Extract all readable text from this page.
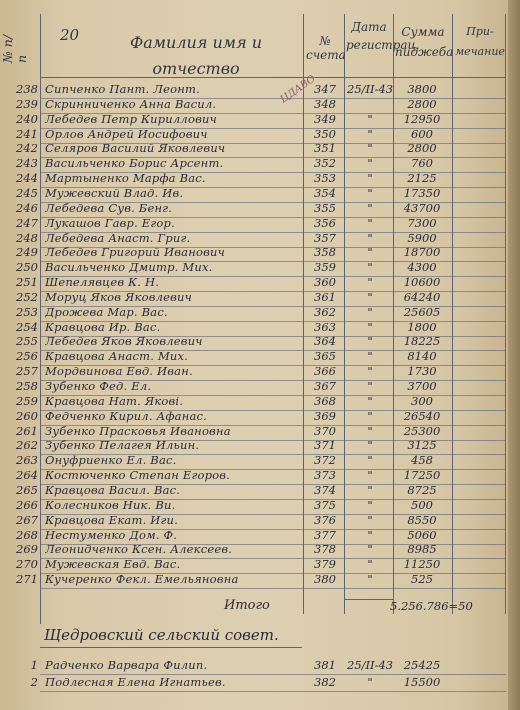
№ п/п
20	Фамилия имя и отчество
№ счета
Дата регистрац.
Сумма пиджеба
При-мечание
ЦДАВО
238 Сипченко Пант. Леонт.	347 25/II-43	3800
239 Скринниченко Анна Васил.	348	2800
240 Лебедев Петр Кириллович	349	"	12950
241 Орлов Андрей Иосифович	350	"	600
242 Селяров Василий Яковлевич	351	"	2800
243 Васильченко Борис Арсент.	352	"	760
244 Мартыненко Марфа Вас.	353	"	2125
245 Мужевский Влад. Ив.	354	"	17350
246 Лебедева Сув. Бенг.	355	"	43700
247 Лукашов Гавр. Егор.	356	"	7300
248 Лебедева Анаст. Григ.	357	"	5900
249 Лебедев Григорий Иванович	358	"	18700
250 Васильченко Дмитр. Мих.	359	"	4300
251 Шепелявцев К. Н.	360	"	10600
252 Моруц Яков Яковлевич	361	"	64240
253 Дрожева Мар. Вас.	362	"	25605
254 Кравцова Ир. Вас.	363	"	1800
255 Лебедев Яков Яковлевич	364	"	18225
256 Кравцова Анаст. Мих.	365	"	8140
257 Мордвинова Евд. Иван.	366	"	1730
258 Зубенко Фед. Ел.	367	"	3700
259 Кравцова Нат. Якові.	368	"	300
260 Федченко Кирил. Афанас.	369	"	26540
261 Зубенко Прасковья Ивановна	370	"	25300
262 Зубенко Пелагея Ильин.	371	"	3125
263 Онуфриенко Ел. Вас.	372	"	458
264 Костюченко Степан Егоров.	373	"	17250
265 Кравцова Васил. Вас.	374	"	8725
266 Колесников Ник. Ви.	375	"	500
267 Кравцова Екат. Иги.	376	"	8550
268 Нестуменко Дом. Ф.	377	"	5060
269 Леонидченко Ксен. Алексеев.	378	"	8985
270 Мужевская Евд. Вас.	379	"	11250
271 Кучеренко Фекл. Емельяновна	380	"	525
Итого	5.256.786=50
Щедровский сельский совет.
1 Радченко Варвара Филип.	381 25/II-43 25425
2 Подлесная Елена Игнатьев.	382	"	15500
